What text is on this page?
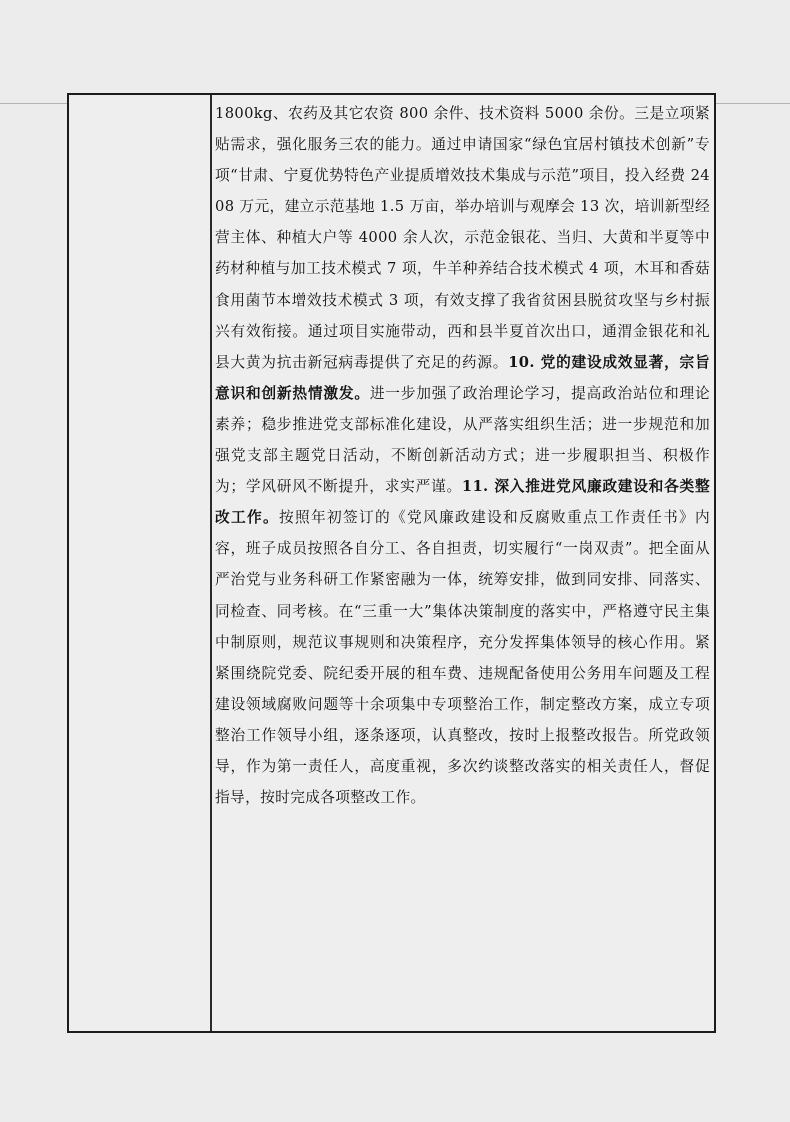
1800kg、农药及其它农资 800 余件、技术资料 5000 余份。三是立项紧贴需求，强化服务三农的能力。通过申请国家“绿色宜居村镇技术创新”专项“甘肃、宁夏优势特色产业提质增效技术集成与示范”项目，投入经费 2408 万元，建立示范基地 1.5 万亩，举办培训与观摩会 13 次，培训新型经营主体、种植大户等 4000 余人次，示范金银花、当归、大黄和半夏等中药材种植与加工技术模式 7 项，牛羊种养结合技术模式 4 项，木耳和香菇食用菌节本增效技术模式 3 项，有效支撑了我省贫困县脱贫攻坚与乡村振兴有效衔接。通过项目实施带动，西和县半夏首次出口，通渭金银花和礼县大黄为抗击新冠病毒提供了充足的药源。10. 党的建设成效显著，宗旨意识和创新热情激发。进一步加强了政治理论学习，提高政治站位和理论素养；稳步推进党支部标准化建设，从严落实组织生活；进一步规范和加强党支部主题党日活动，不断创新活动方式；进一步履职担当、积极作为；学风研风不断提升，求实严谨。11. 深入推进党风廉政建设和各类整改工作。按照年初签订的《党风廉政建设和反腐败重点工作责任书》内容，班子成员按照各自分工、各自担责，切实履行“一岗双责”。把全面从严治党与业务科研工作紧密融为一体，统筹安排，做到同安排、同落实、同检查、同考核。在“三重一大”集体决策制度的落实中，严格遵守民主集中制原则，规范议事规则和决策程序，充分发挥集体领导的核心作用。紧紧围绕院党委、院纪委开展的租车费、违规配备使用公务用车问题及工程建设领域腐败问题等十余项集中专项整治工作，制定整改方案，成立专项整治工作领导小组，逐条逐项，认真整改，按时上报整改报告。所党政领导，作为第一责任人，高度重视，多次约谈整改落实的相关责任人，督促指导，按时完成各项整改工作。
